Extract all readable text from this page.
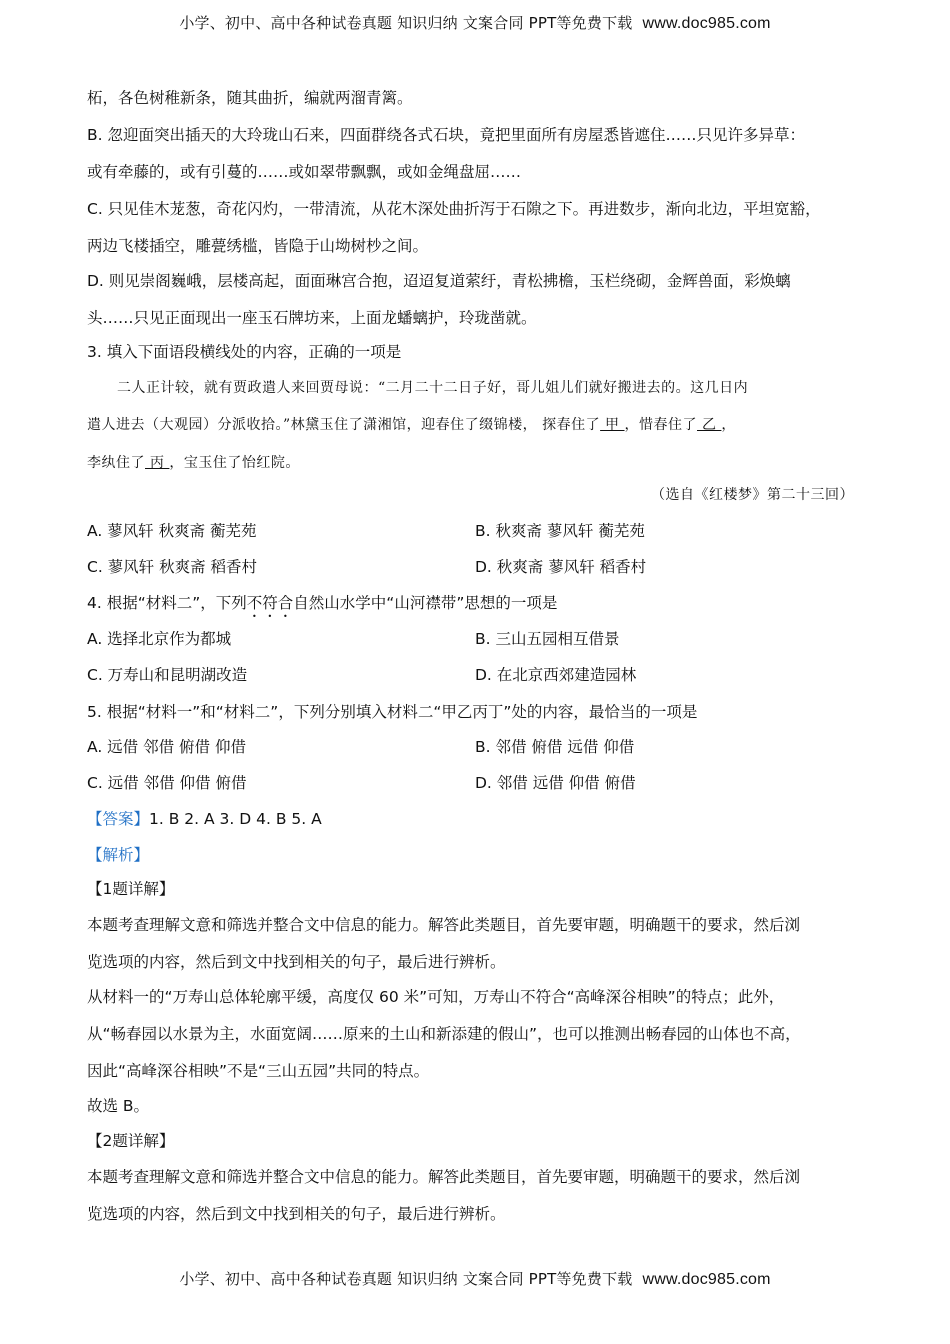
小学、初中、高中各种试卷真题 知识归纳 文案合同 PPT等免费下载 www.doc985.com
柘，各色树稚新条，随其曲折，编就两溜青篱。
B. 忽迎面突出插天的大玲珑山石来，四面群绕各式石块，竟把里面所有房屋悉皆遮住……只见许多异草：
或有牵藤的，或有引蔓的……或如翠带飘飘，或如金绳盘屈……
C. 只见佳木茏葱，奇花闪灼，一带清流，从花木深处曲折泻于石隙之下。再进数步，渐向北边，平坦宽豁，
两边飞楼插空，雕甍绣槛，皆隐于山坳树杪之间。
D. 则见崇阁巍峨，层楼高起，面面琳宫合抱，迢迢复道萦纡，青松拂檐，玉栏绕砌，金辉兽面，彩焕螭
头……只见正面现出一座玉石牌坊来，上面龙蟠螭护，玲珑凿就。
3. 填入下面语段横线处的内容，正确的一项是
二人正计较，就有贾政遣人来回贾母说：“二月二十二日子好，哥儿姐儿们就好搬进去的。这几日内
遣人进去（大观园）分派收拾。”林黛玉住了潇湘馆，迎春住了缀锦楼， 探春住了 甲 ，惜春住了 乙 ，
李纨住了 丙 ，宝玉住了怡红院。
（选自《红楼梦》第二十三回）
A. 蓼风轩 秋爽斋 蘅芜苑	B. 秋爽斋 蓼风轩 蘅芜苑
C. 蓼风轩 秋爽斋 稻香村	D. 秋爽斋 蓼风轩 稻香村
4. 根据“材料二”，下列不符合自然山水学中“山河襟带”思想的一项是
A. 选择北京作为都城	B. 三山五园相互借景
C. 万寿山和昆明湖改造	D. 在北京西郊建造园林
5. 根据“材料一”和“材料二”，下列分别填入材料二“甲乙丙丁”处的内容，最恰当的一项是
A. 远借 邻借 俯借 仰借	B. 邻借 俯借 远借 仰借
C. 远借 邻借 仰借 俯借	D. 邻借 远借 仰借 俯借
【答案】1. B 2. A 3. D 4. B 5. A
【解析】
【1题详解】
本题考查理解文意和筛选并整合文中信息的能力。解答此类题目，首先要审题，明确题干的要求，然后浏
览选项的内容，然后到文中找到相关的句子，最后进行辨析。
从材料一的“万寿山总体轮廓平缓，高度仅 60 米”可知，万寿山不符合“高峰深谷相映”的特点；此外，
从“畅春园以水景为主，水面宽阔……原来的土山和新添建的假山”，也可以推测出畅春园的山体也不高，
因此“高峰深谷相映”不是“三山五园”共同的特点。
故选 B。
【2题详解】
本题考查理解文意和筛选并整合文中信息的能力。解答此类题目，首先要审题，明确题干的要求，然后浏
览选项的内容，然后到文中找到相关的句子，最后进行辨析。
小学、初中、高中各种试卷真题 知识归纳 文案合同 PPT等免费下载 www.doc985.com
